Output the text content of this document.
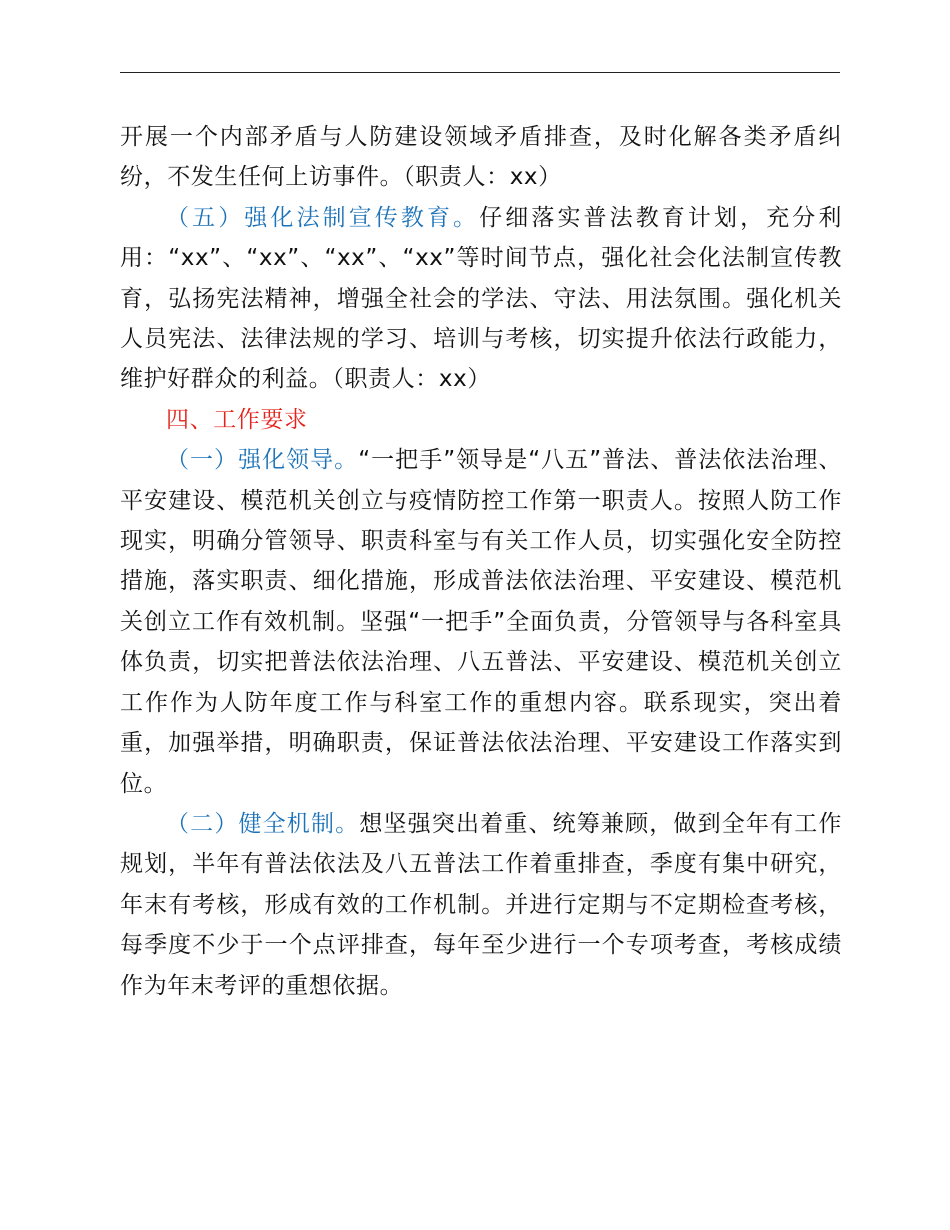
开展一个内部矛盾与人防建设领域矛盾排查，及时化解各类矛盾纠纷，不发生任何上访事件。（职责人：xx）

（五）强化法制宣传教育。仔细落实普法教育计划，充分利用：“xx”、“xx”、“xx”、“xx”等时间节点，强化社会化法制宣传教育，弘扬宪法精神，增强全社会的学法、守法、用法氛围。强化机关人员宪法、法律法规的学习、培训与考核，切实提升依法行政能力，维护好群众的利益。（职责人：xx）

四、工作要求

（一）强化领导。“一把手”领导是“八五”普法、普法依法治理、平安建设、模范机关创立与疫情防控工作第一职责人。按照人防工作现实，明确分管领导、职责科室与有关工作人员，切实强化安全防控措施，落实职责、细化措施，形成普法依法治理、平安建设、模范机关创立工作有效机制。坚强“一把手”全面负责，分管领导与各科室具体负责，切实把普法依法治理、八五普法、平安建设、模范机关创立工作作为人防年度工作与科室工作的重想内容。联系现实，突出着重，加强举措，明确职责，保证普法依法治理、平安建设工作落实到位。

（二）健全机制。想坚强突出着重、统筹兼顾，做到全年有工作规划，半年有普法依法及八五普法工作着重排查，季度有集中研究，年末有考核，形成有效的工作机制。并进行定期与不定期检查考核，每季度不少于一个点评排查，每年至少进行一个专项考查，考核成绩作为年末考评的重想依据。
